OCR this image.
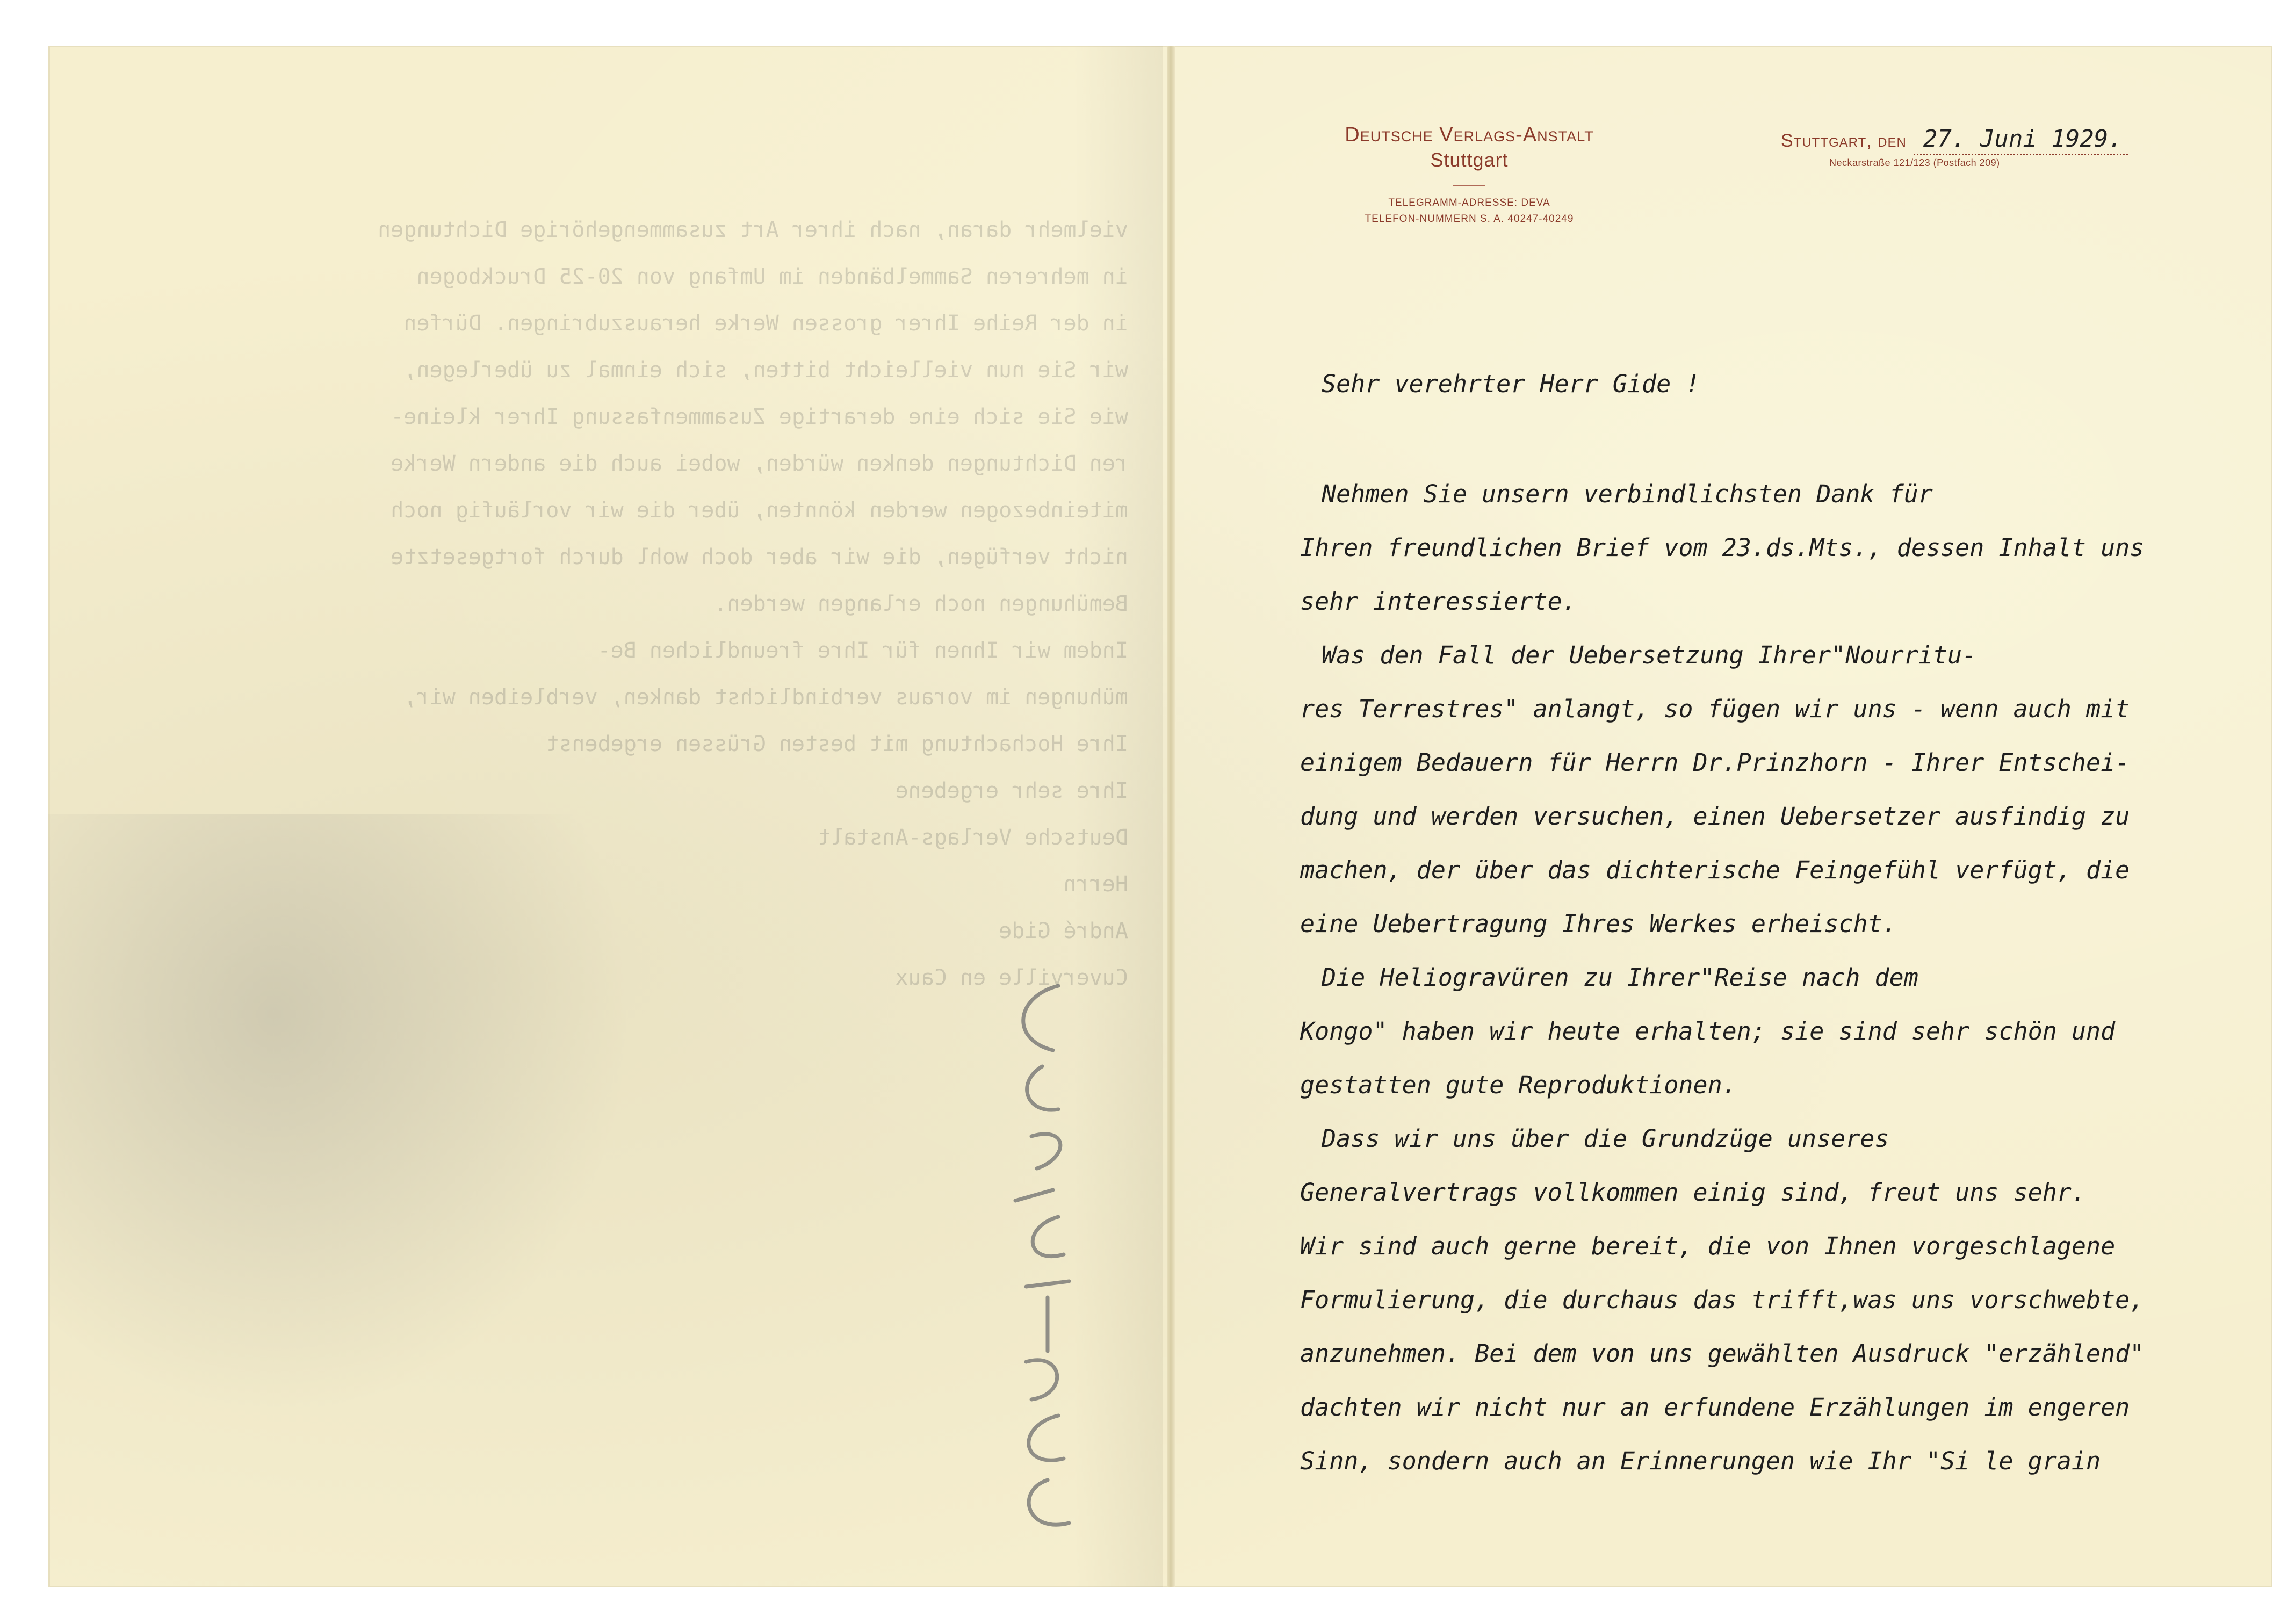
vielmehr daran, nach ihrer Art zusammengehörige Dichtungen
in mehreren Sammelbänden im Umfang von 20-25 Druckbogen
in der Reihe Ihrer grossen Werke herauszubringen. Dürfen
wir Sie nun vielleicht bitten, sich einmal zu überlegen,
wie Sie sich eine derartige Zusammenfassung Ihrer kleine-
ren Dichtungen denken würden, wobei auch die andern Werke
miteinbezogen werden könnten, über die wir vorläufig noch
nicht verfügen, die wir aber doch wohl durch fortgesetzte
Bemühungen noch erlangen werden.
Indem wir Ihnen für Ihre freundlichen Be-
mühungen im voraus verbindlichst danken, verbleiben wir,
Ihre Hochachtung mit besten Grüssen ergebenst
Ihre sehr ergebene
Deutsche Verlags-Anstalt
Herrn
André Gide
Cuverville en Caux
Deutsche Verlags-Anstalt
Stuttgart
TELEGRAMM-ADRESSE: DEVA
TELEFON-NUMMERN S. A. 40247-40249
Stuttgart, den 27. Juni 1929.
Neckarstraße 121/123 (Postfach 209)
Sehr verehrter Herr Gide !
Nehmen Sie unsern verbindlichsten Dank für
Ihren freundlichen Brief vom 23.ds.Mts., dessen Inhalt uns
sehr interessierte.
Was den Fall der Uebersetzung Ihrer"Nourritu-
res Terrestres" anlangt, so fügen wir uns - wenn auch mit
einigem Bedauern für Herrn Dr.Prinzhorn - Ihrer Entschei-
dung und werden versuchen, einen Uebersetzer ausfindig zu
machen, der über das dichterische Feingefühl verfügt, die
eine Uebertragung Ihres Werkes erheischt.
Die Heliogravüren zu Ihrer"Reise nach dem
Kongo" haben wir heute erhalten; sie sind sehr schön und
gestatten gute Reproduktionen.
Dass wir uns über die Grundzüge unseres
Generalvertrags vollkommen einig sind, freut uns sehr.
Wir sind auch gerne bereit, die von Ihnen vorgeschlagene
Formulierung, die durchaus das trifft,was uns vorschwebte,
anzunehmen. Bei dem von uns gewählten Ausdruck "erzählend"
dachten wir nicht nur an erfundene Erzählungen im engeren
Sinn, sondern auch an Erinnerungen wie Ihr "Si le grain
